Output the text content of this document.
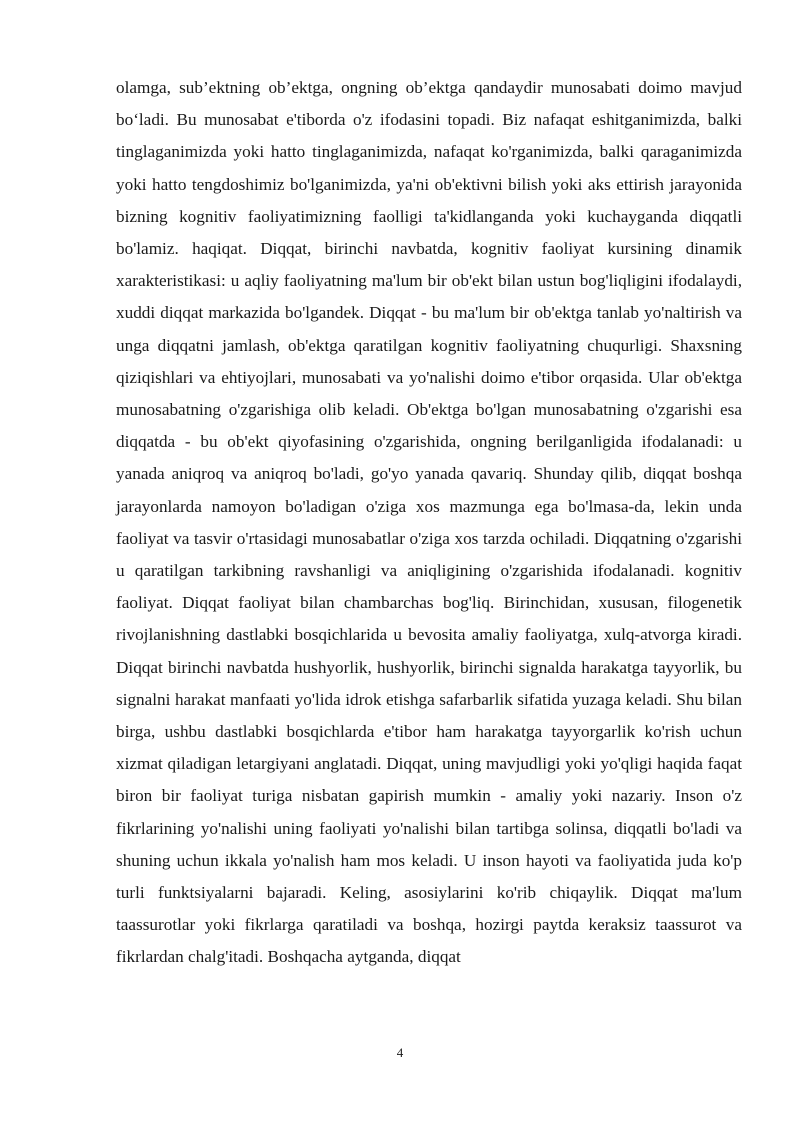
olamga, sub’ektning ob’ektga, ongning ob’ektga qandaydir munosabati doimo mavjud bo‘ladi. Bu munosabat e'tiborda o'z ifodasini topadi. Biz nafaqat eshitganimizda, balki tinglaganimizda yoki hatto tinglaganimizda, nafaqat ko'rganimizda, balki qaraganimizda yoki hatto tengdoshimiz bo'lganimizda, ya'ni ob'ektivni bilish yoki aks ettirish jarayonida bizning kognitiv faoliyatimizning faolligi ta'kidlanganda yoki kuchayganda diqqatli bo'lamiz. haqiqat. Diqqat, birinchi navbatda, kognitiv faoliyat kursining dinamik xarakteristikasi: u aqliy faoliyatning ma'lum bir ob'ekt bilan ustun bog'liqligini ifodalaydi, xuddi diqqat markazida bo'lgandek. Diqqat - bu ma'lum bir ob'ektga tanlab yo'naltirish va unga diqqatni jamlash, ob'ektga qaratilgan kognitiv faoliyatning chuqurligi. Shaxsning qiziqishlari va ehtiyojlari, munosabati va yo'nalishi doimo e'tibor orqasida. Ular ob'ektga munosabatning o'zgarishiga olib keladi. Ob'ektga bo'lgan munosabatning o'zgarishi esa diqqatda - bu ob'ekt qiyofasining o'zgarishida, ongning berilganligida ifodalanadi: u yanada aniqroq va aniqroq bo'ladi, go'yo yanada qavariq. Shunday qilib, diqqat boshqa jarayonlarda namoyon bo'ladigan o'ziga xos mazmunga ega bo'lmasa-da, lekin unda faoliyat va tasvir o'rtasidagi munosabatlar o'ziga xos tarzda ochiladi. Diqqatning o'zgarishi u qaratilgan tarkibning ravshanligi va aniqligining o'zgarishida ifodalanadi. kognitiv faoliyat. Diqqat faoliyat bilan chambarchas bog'liq. Birinchidan, xususan, filogenetik rivojlanishning dastlabki bosqichlarida u bevosita amaliy faoliyatga, xulq-atvorga kiradi. Diqqat birinchi navbatda hushyorlik, hushyorlik, birinchi signalda harakatga tayyorlik, bu signalni harakat manfaati yo'lida idrok etishga safarbarlik sifatida yuzaga keladi. Shu bilan birga, ushbu dastlabki bosqichlarda e'tibor ham harakatga tayyorgarlik ko'rish uchun xizmat qiladigan letargiyani anglatadi. Diqqat, uning mavjudligi yoki yo'qligi haqida faqat biron bir faoliyat turiga nisbatan gapirish mumkin - amaliy yoki nazariy. Inson o'z fikrlarining yo'nalishi uning faoliyati yo'nalishi bilan tartibga solinsa, diqqatli bo'ladi va shuning uchun ikkala yo'nalish ham mos keladi. U inson hayoti va faoliyatida juda ko'p turli funktsiyalarni bajaradi. Keling, asosiylarini ko'rib chiqaylik. Diqqat ma'lum taassurotlar yoki fikrlarga qaratiladi va boshqa, hozirgi paytda keraksiz taassurot va fikrlardan chalg'itadi. Boshqacha aytganda, diqqat

4
